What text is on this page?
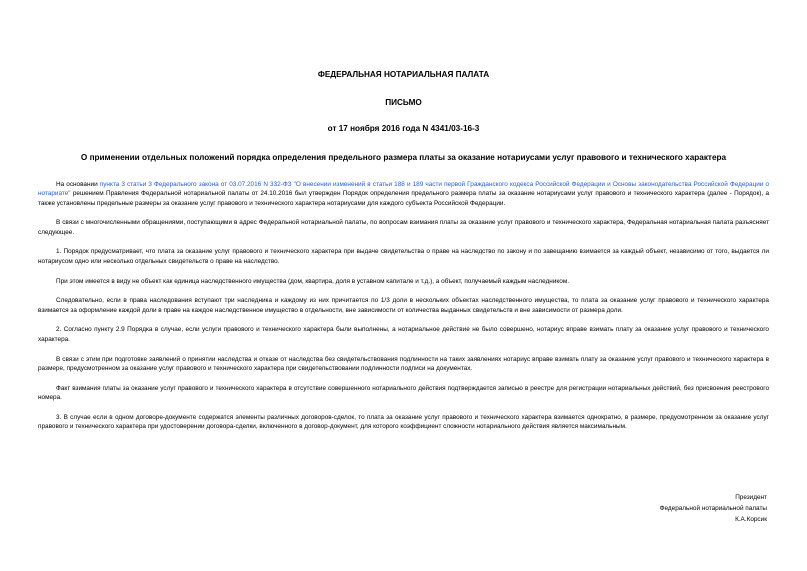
ФЕДЕРАЛЬНАЯ НОТАРИАЛЬНАЯ ПАЛАТА
ПИСЬМО
от 17 ноября 2016 года N 4341/03-16-3
О применении отдельных положений порядка определения предельного размера платы за оказание нотариусами услуг правового и технического характера

На основании пункта 3 статьи 3 Федерального закона от 03.07.2016 N 332-ФЗ "О внесении изменений в статьи 188 и 189 части первой Гражданского кодекса Российской Федерации и Основы законодательства Российской Федерации о нотариате" решением Правления Федеральной нотариальной палаты от 24.10.2016 был утвержден Порядок определения предельного размера платы за оказание нотариусами услуг правового и технического характера (далее - Порядок), а также установлены предельные размеры за оказание услуг правового и технического характера нотариусами для каждого субъекта Российской Федерации.

В связи с многочисленными обращениями, поступающими в адрес Федеральной нотариальной палаты, по вопросам взимания платы за оказание услуг правового и технического характера, Федеральная нотариальная палата разъясняет следующее.

1. Порядок предусматривает, что плата за оказание услуг правового и технического характера при выдаче свидетельства о праве на наследство по закону и по завещанию взимается за каждый объект, независимо от того, выдается ли нотариусом одно или несколько отдельных свидетельств о праве на наследство.

При этом имеется в виду не объект как единица наследственного имущества (дом, квартира, доля в уставном капитале и т.д.), а объект, получаемый каждым наследником.

Следовательно, если в права наследования вступают три наследника и каждому из них причитается по 1/3 доли в нескольких объектах наследственного имущества, то плата за оказание услуг правового и технического характера взимается за оформление каждой доли в праве на каждое наследственное имущество в отдельности, вне зависимости от количества выданных свидетельств и вне зависимости от размера доли.

2. Согласно пункту 2.9 Порядка в случае, если услуги правового и технического характера были выполнены, а нотариальное действие не было совершено, нотариус вправе взимать плату за оказание услуг правового и технического характера.

В связи с этим при подготовке заявлений о принятии наследства и отказе от наследства без свидетельствования подлинности на таких заявлениях нотариус вправе взимать плату за оказание услуг правового и технического характера в размере, предусмотренном за оказание услуг правового и технического характера при свидетельствовании подлинности подписи на документах.

Факт взимания платы за оказание услуг правового и технического характера в отсутствие совершенного нотариального действия подтверждается записью в реестре для регистрации нотариальных действий, без присвоения реестрового номера.

3. В случае если в одном договоре-документе содержатся элементы различных договоров-сделок, то плата за оказание услуг правового и технического характера взимается однократно, в размере, предусмотренном за оказание услуг правового и технического характера при удостоверении договора-сделки, включенного в договор-документ, для которого коэффициент сложности нотариального действия является максимальным.

Президент
Федеральной нотариальной палаты
К.А.Корсик
